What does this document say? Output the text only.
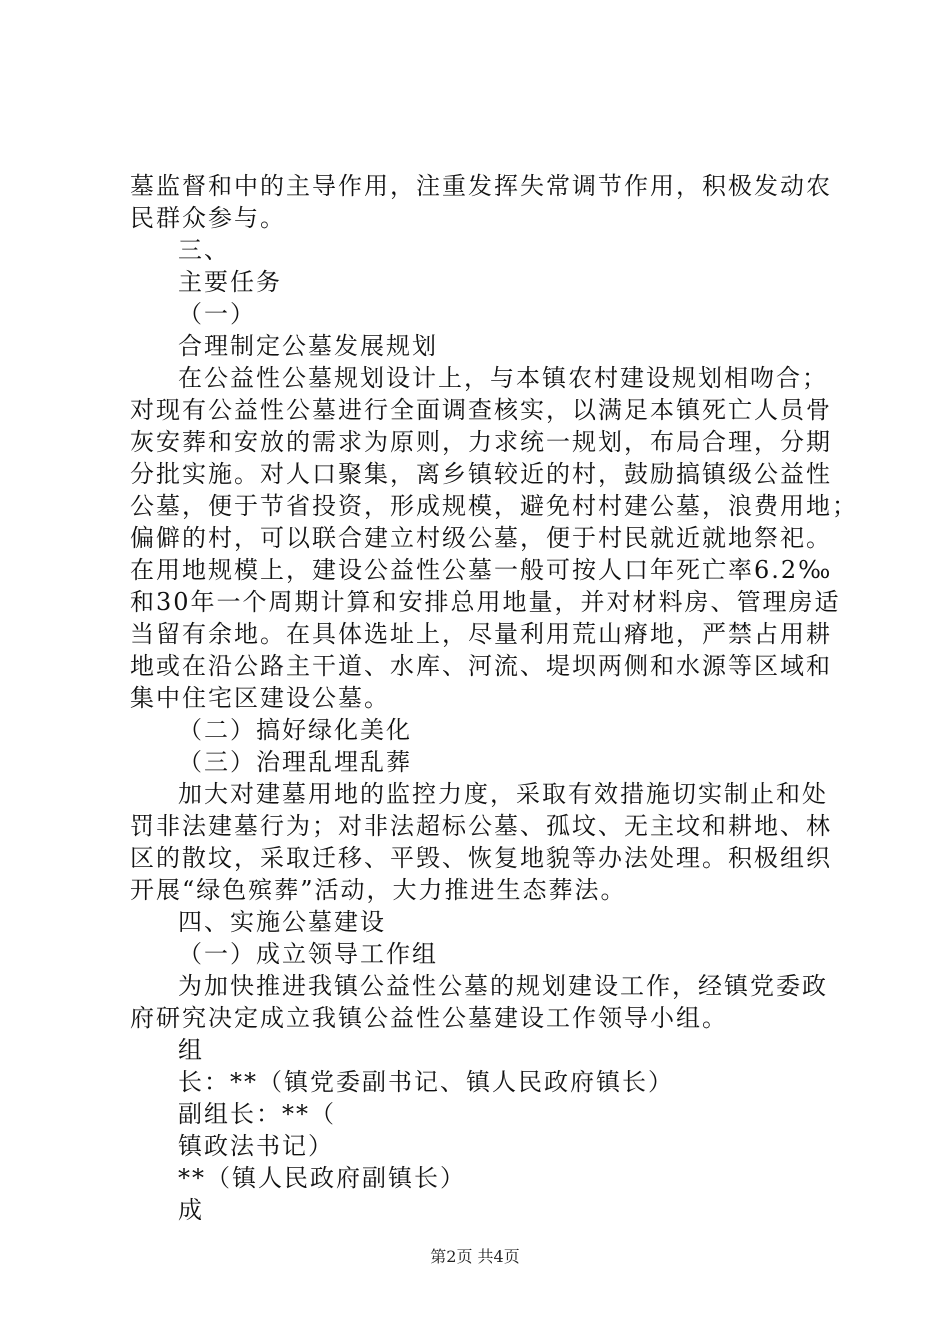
墓监督和中的主导作用，注重发挥失常调节作用，积极发动农
民群众参与。
三、
主要任务
（一）
合理制定公墓发展规划
在公益性公墓规划设计上，与本镇农村建设规划相吻合；
对现有公益性公墓进行全面调查核实，以满足本镇死亡人员骨
灰安葬和安放的需求为原则，力求统一规划，布局合理，分期
分批实施。对人口聚集，离乡镇较近的村，鼓励搞镇级公益性
公墓，便于节省投资，形成规模，避免村村建公墓，浪费用地；
偏僻的村，可以联合建立村级公墓，便于村民就近就地祭祀。
在用地规模上，建设公益性公墓一般可按人口年死亡率6.2‰
和30年一个周期计算和安排总用地量，并对材料房、管理房适
当留有余地。在具体选址上，尽量利用荒山瘠地，严禁占用耕
地或在沿公路主干道、水库、河流、堤坝两侧和水源等区域和
集中住宅区建设公墓。
（二）搞好绿化美化
（三）治理乱埋乱葬
加大对建墓用地的监控力度，采取有效措施切实制止和处
罚非法建墓行为；对非法超标公墓、孤坟、无主坟和耕地、林
区的散坟，采取迁移、平毁、恢复地貌等办法处理。积极组织
开展“绿色殡葬”活动，大力推进生态葬法。
四、实施公墓建设
（一）成立领导工作组
为加快推进我镇公益性公墓的规划建设工作，经镇党委政
府研究决定成立我镇公益性公墓建设工作领导小组。
组
长：**（镇党委副书记、镇人民政府镇长）
副组长：**（
镇政法书记）
**（镇人民政府副镇长）
成
第2页 共4页
